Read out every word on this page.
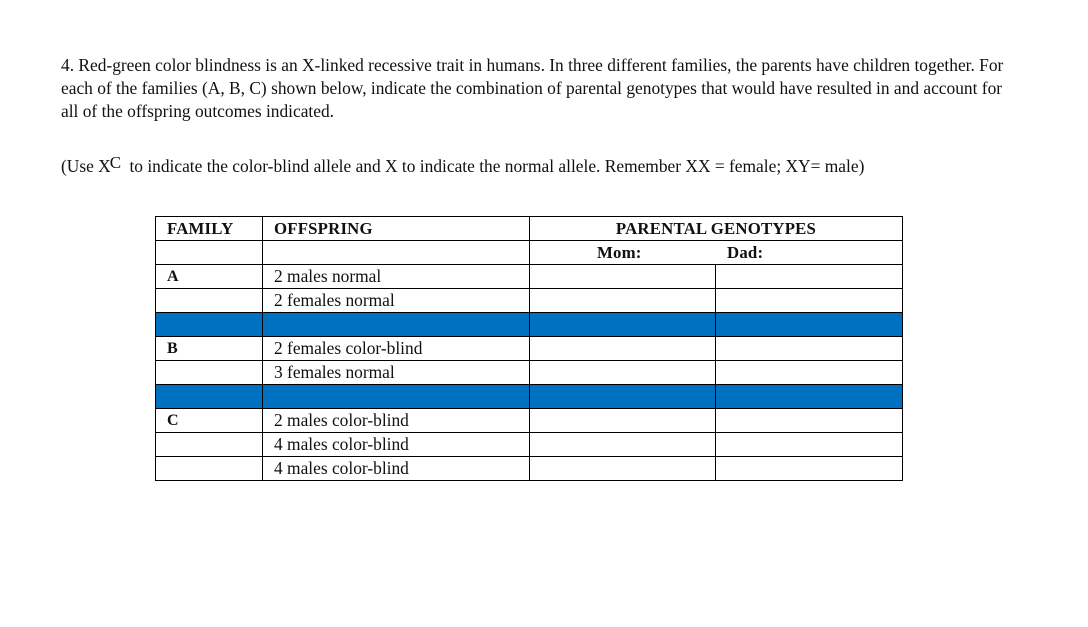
4. Red-green color blindness is an X-linked recessive trait in humans. In three different families, the parents have children together. For each of the families (A, B, C) shown below, indicate the combination of parental genotypes that would have resulted in and account for all of the offspring outcomes indicated.

(Use $X^C$ to indicate the color-blind allele and X to indicate the normal allele. Remember XX = female; XY= male)

FAMILY	OFFSPRING	PARENTAL GENOTYPES	
		Mom: Dad:	
A	2 males normal		
	2 females normal		

B	2 females color-blind		
	3 females normal		

C	2 males color-blind		
	4 males color-blind		
	4 males color-blind		
